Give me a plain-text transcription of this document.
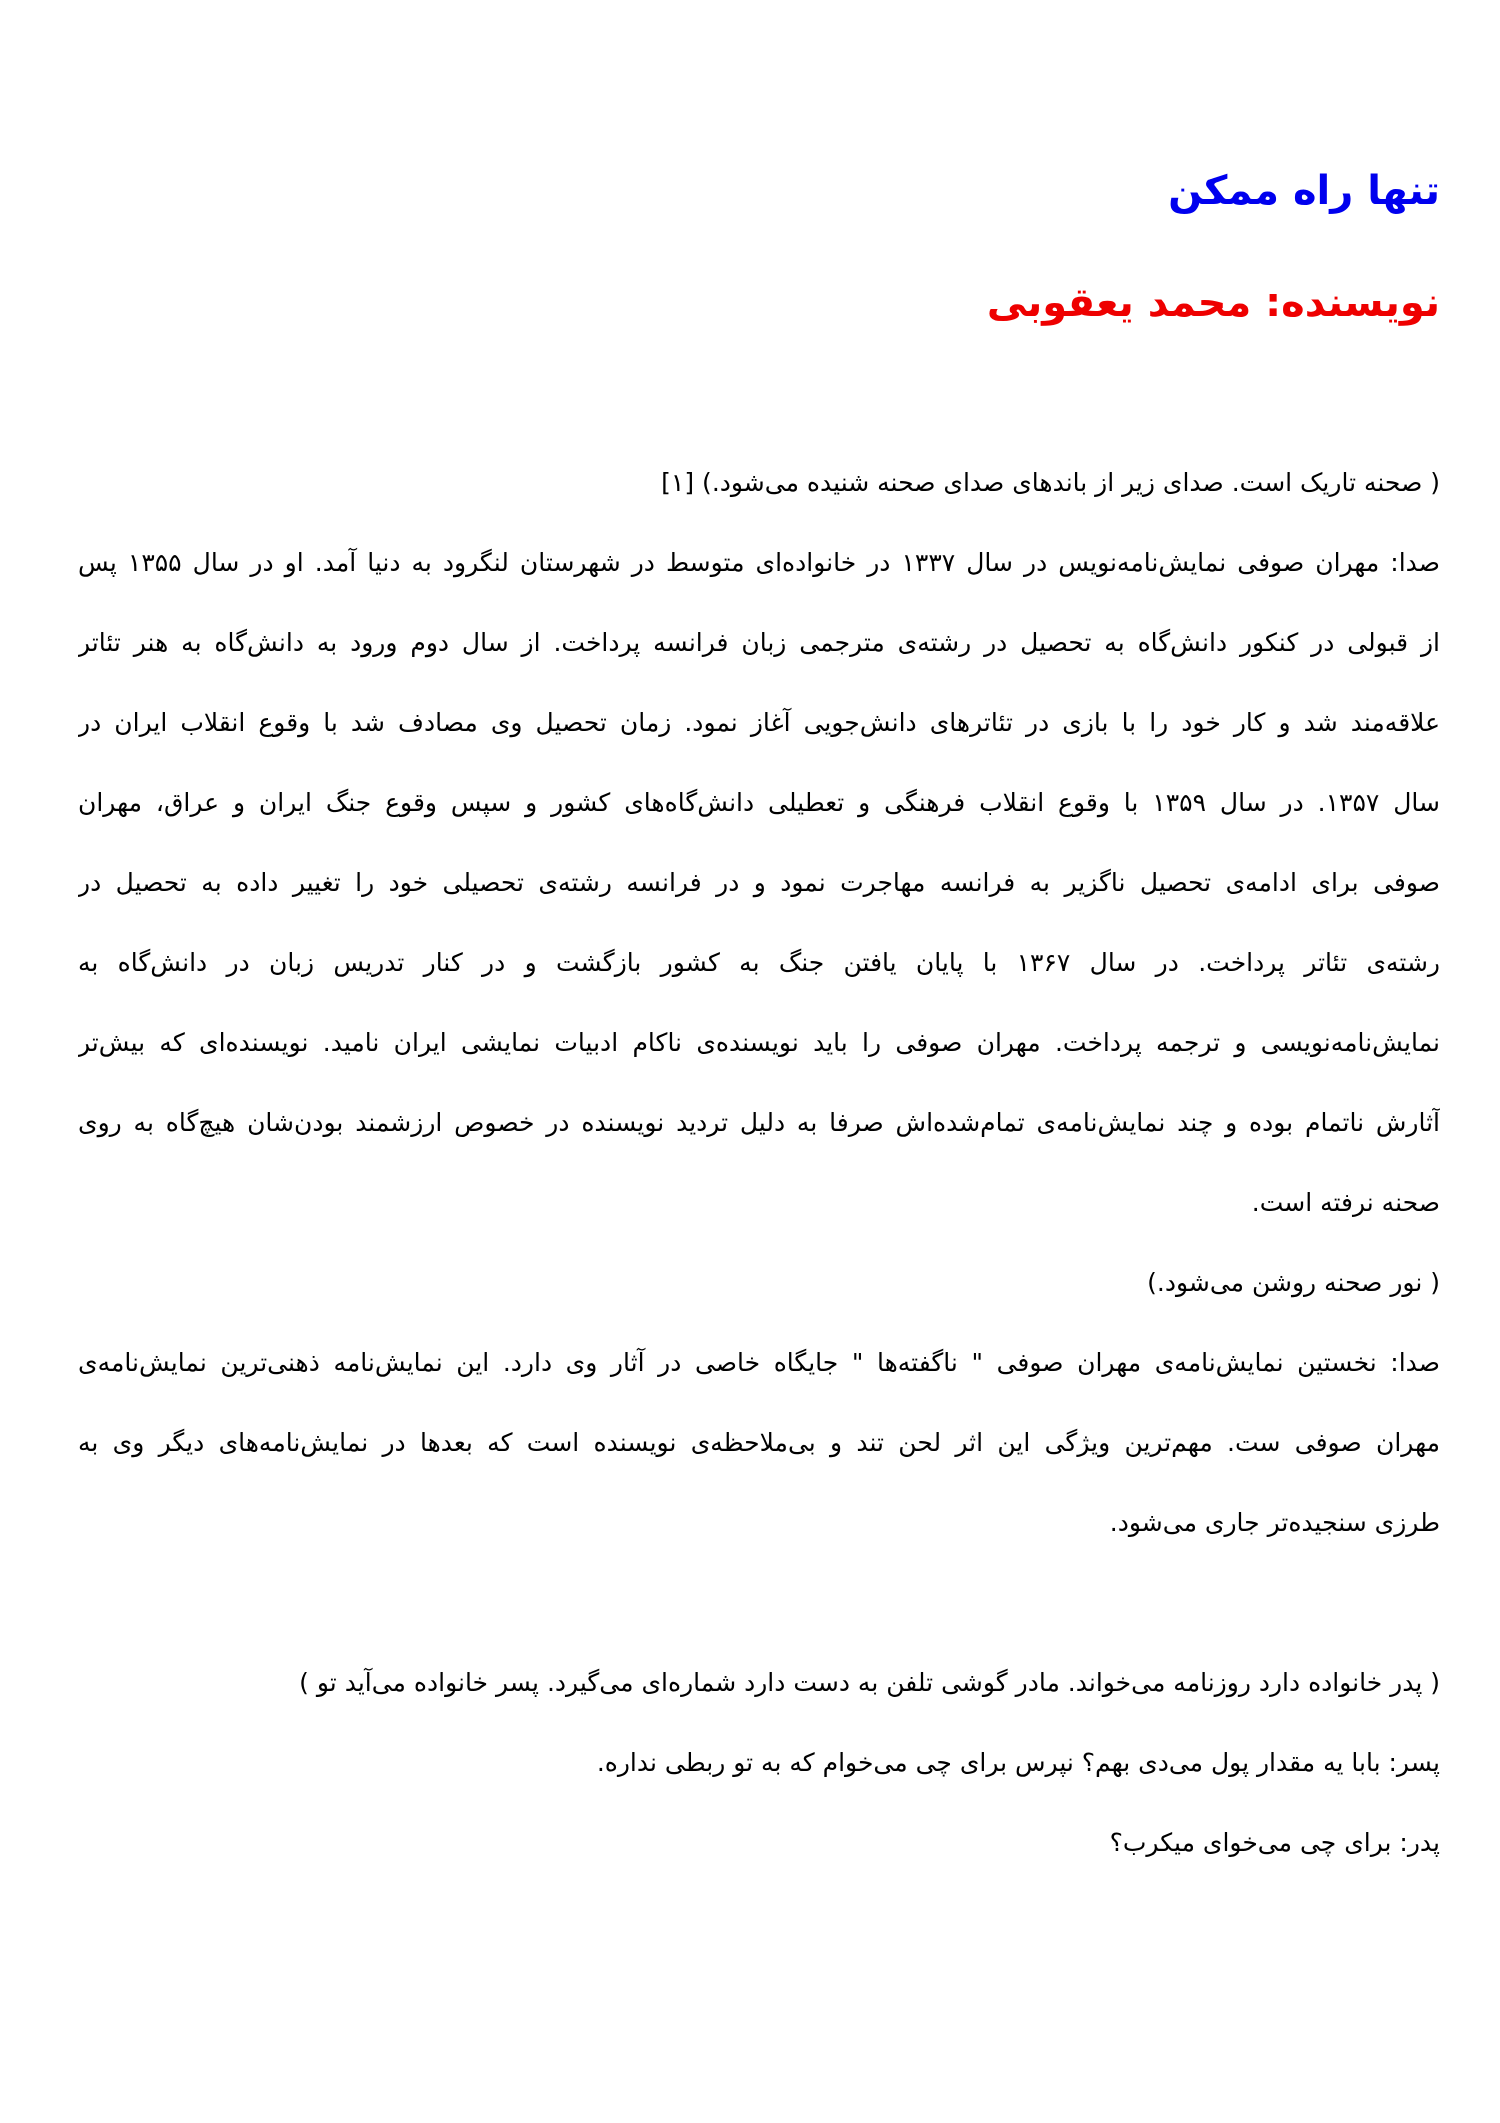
تنها راه ممکن
نویسنده: محمد یعقوبی
( صحنه تاریک است. صدای زیر از باندهای صدای صحنه شنیده می‌شود.) [۱]
صدا: مهران صوفی نمایش‌نامه‌نویس در سال ۱۳۳۷ در خانواده‌ای متوسط در شهرستان لنگرود به دنیا آمد. او در سال ۱۳۵۵ پس
از قبولی در کنکور دانش‌گاه به تحصیل در رشته‌ی مترجمی زبان فرانسه پرداخت. از سال دوم ورود به دانش‌گاه به هنر تئاتر
علاقه‌مند شد و کار خود را با بازی در تئاترهای دانش‌جویی آغاز نمود. زمان تحصیل وی مصادف شد با وقوع انقلاب ایران در
سال ۱۳۵۷. در سال ۱۳۵۹ با وقوع انقلاب فرهنگی و تعطیلی دانش‌گاه‌های کشور و سپس وقوع جنگ ایران و عراق، مهران
صوفی برای ادامه‌ی تحصیل ناگزیر به فرانسه مهاجرت نمود و در فرانسه رشته‌ی تحصیلی خود را تغییر داده به تحصیل در
رشته‌ی تئاتر پرداخت. در سال ۱۳۶۷ با پایان یافتن جنگ به کشور بازگشت و در کنار تدریس زبان در دانش‌گاه به
نمایش‌نامه‌نویسی و ترجمه پرداخت. مهران صوفی را باید نویسنده‌ی ناکام ادبیات نمایشی ایران نامید. نویسنده‌ای که بیش‌تر
آثارش ناتمام بوده و چند نمایش‌نامه‌ی تمام‌شده‌اش صرفا به دلیل تردید نویسنده در خصوص ارزشمند بودن‌شان هیچ‌گاه به روی
صحنه نرفته است.
( نور صحنه روشن می‌شود.)
صدا: نخستین نمایش‌نامه‌ی مهران صوفی " ناگفته‌ها " جایگاه خاصی در آثار وی دارد. این نمایش‌نامه ذهنی‌ترین نمایش‌نامه‌ی
مهران صوفی ست. مهم‌ترین ویژگی این اثر لحن تند و بی‌ملاحظه‌ی نویسنده است که بعدها در نمایش‌نامه‌های دیگر وی به
طرزی سنجیده‌تر جاری می‌شود.
( پدر خانواده دارد روزنامه می‌خواند. مادر گوشی تلفن به دست دارد شماره‌ای می‌گیرد. پسر خانواده می‌آید تو )
پسر: بابا یه مقدار پول می‌دی بهم؟ نپرس برای چی می‌خوام که به تو ربطی نداره.
پدر: برای چی می‌خوای میکرب؟
